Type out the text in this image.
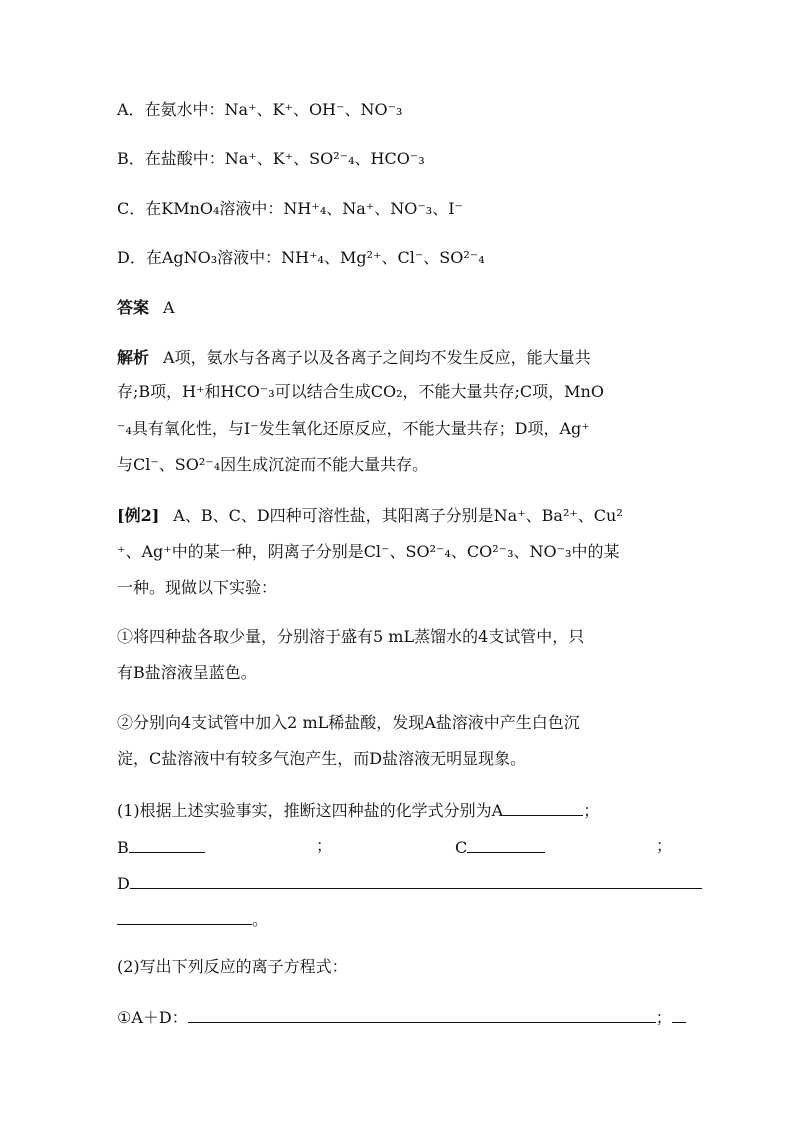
A．在氨水中：Na⁺、K⁺、OH⁻、NO⁻₃
B．在盐酸中：Na⁺、K⁺、SO²⁻₄、HCO⁻₃
C．在KMnO₄溶液中：NH⁺₄、Na⁺、NO⁻₃、I⁻
D．在AgNO₃溶液中：NH⁺₄、Mg²⁺、Cl⁻、SO²⁻₄
答案 A
解析 A项，氨水与各离子以及各离子之间均不发生反应，能大量共
存;B项，H⁺和HCO⁻₃可以结合生成CO₂，不能大量共存;C项，MnO
⁻₄具有氧化性，与I⁻发生氧化还原反应，不能大量共存；D项，Ag⁺
与Cl⁻、SO²⁻₄因生成沉淀而不能大量共存。
[例2] A、B、C、D四种可溶性盐，其阳离子分别是Na⁺、Ba²⁺、Cu²
⁺、Ag⁺中的某一种，阴离子分别是Cl⁻、SO²⁻₄、CO²⁻₃、NO⁻₃中的某
一种。现做以下实验：
①将四种盐各取少量，分别溶于盛有5 mL蒸馏水的4支试管中，只
有B盐溶液呈蓝色。
②分别向4支试管中加入2 mL稀盐酸，发现A盐溶液中产生白色沉
淀，C盐溶液中有较多气泡产生，而D盐溶液无明显现象。
(1)根据上述实验事实，推断这四种盐的化学式分别为A	；
B	；	C	；
D
。
(2)写出下列反应的离子方程式：
①A＋D：	；
